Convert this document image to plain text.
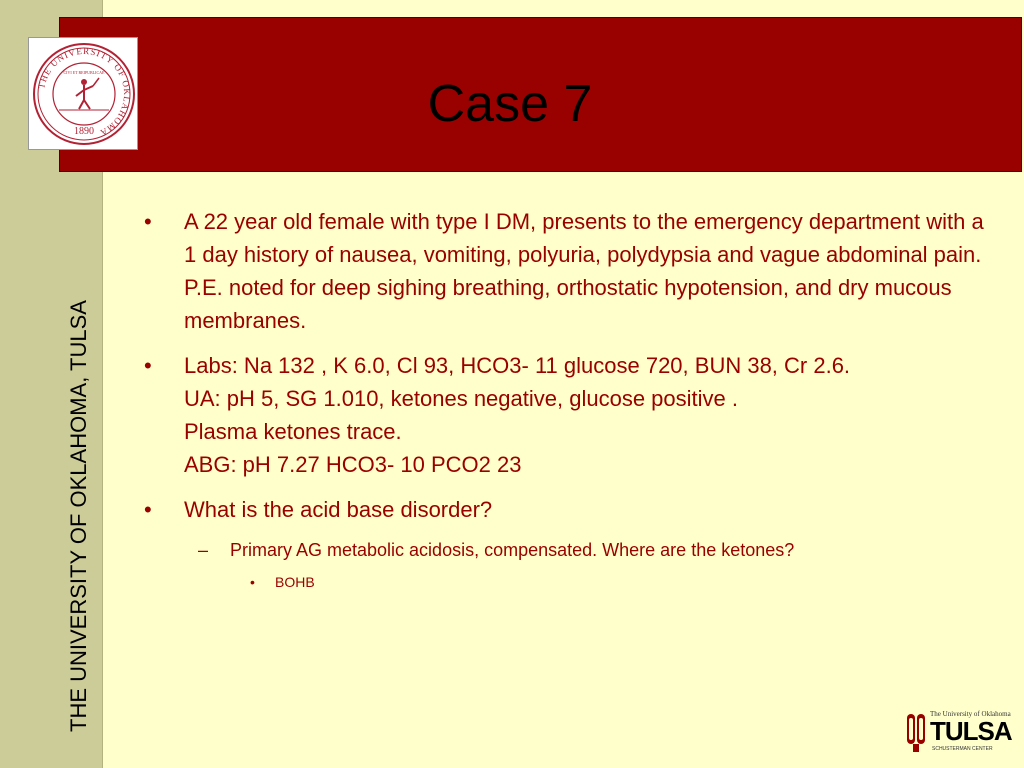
THE UNIVERSITY OF OKLAHOMA, TULSA
Case 7
THE UNIVERSITY OF OKLAHOMA
CIVI ET REIPUBLICAE
1890
• A 22 year old female with type I DM, presents to the emergency department with a 1 day history of nausea, vomiting, polyuria, polydypsia and vague abdominal pain. P.E. noted for deep sighing breathing, orthostatic hypotension, and dry mucous membranes.
• Labs: Na 132 , K 6.0, Cl 93, HCO3- 11 glucose 720, BUN 38, Cr 2.6.
UA: pH 5, SG 1.010, ketones negative, glucose positive .
Plasma ketones trace.
ABG: pH 7.27 HCO3- 10 PCO2 23
• What is the acid base disorder?
– Primary AG metabolic acidosis, compensated. Where are the ketones?
• BOHB
The University of Oklahoma
TULSA
SCHUSTERMAN CENTER
